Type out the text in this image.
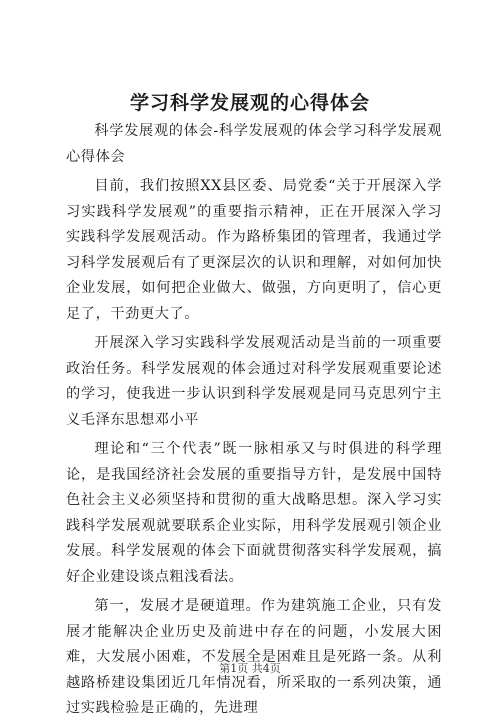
学习科学发展观的心得体会

科学发展观的体会-科学发展观的体会学习科学发展观心得体会

目前，我们按照XX县区委、局党委“关于开展深入学习实践科学发展观”的重要指示精神，正在开展深入学习实践科学发展观活动。作为路桥集团的管理者，我通过学习科学发展观后有了更深层次的认识和理解，对如何加快企业发展，如何把企业做大、做强，方向更明了，信心更足了，干劲更大了。

开展深入学习实践科学发展观活动是当前的一项重要政治任务。科学发展观的体会通过对科学发展观重要论述的学习，使我进一步认识到科学发展观是同马克思列宁主义毛泽东思想邓小平

理论和“三个代表”既一脉相承又与时俱进的科学理论，是我国经济社会发展的重要指导方针，是发展中国特色社会主义必须坚持和贯彻的重大战略思想。深入学习实践科学发展观就要联系企业实际，用科学发展观引领企业发展。科学发展观的体会下面就贯彻落实科学发展观，搞好企业建设谈点粗浅看法。

第一，发展才是硬道理。作为建筑施工企业，只有发展才能解决企业历史及前进中存在的问题，小发展大困难，大发展小困难，不发展全是困难且是死路一条。从利越路桥建设集团近几年情况看，所采取的一系列决策，通过实践检验是正确的，先进理

第1页 共4页
